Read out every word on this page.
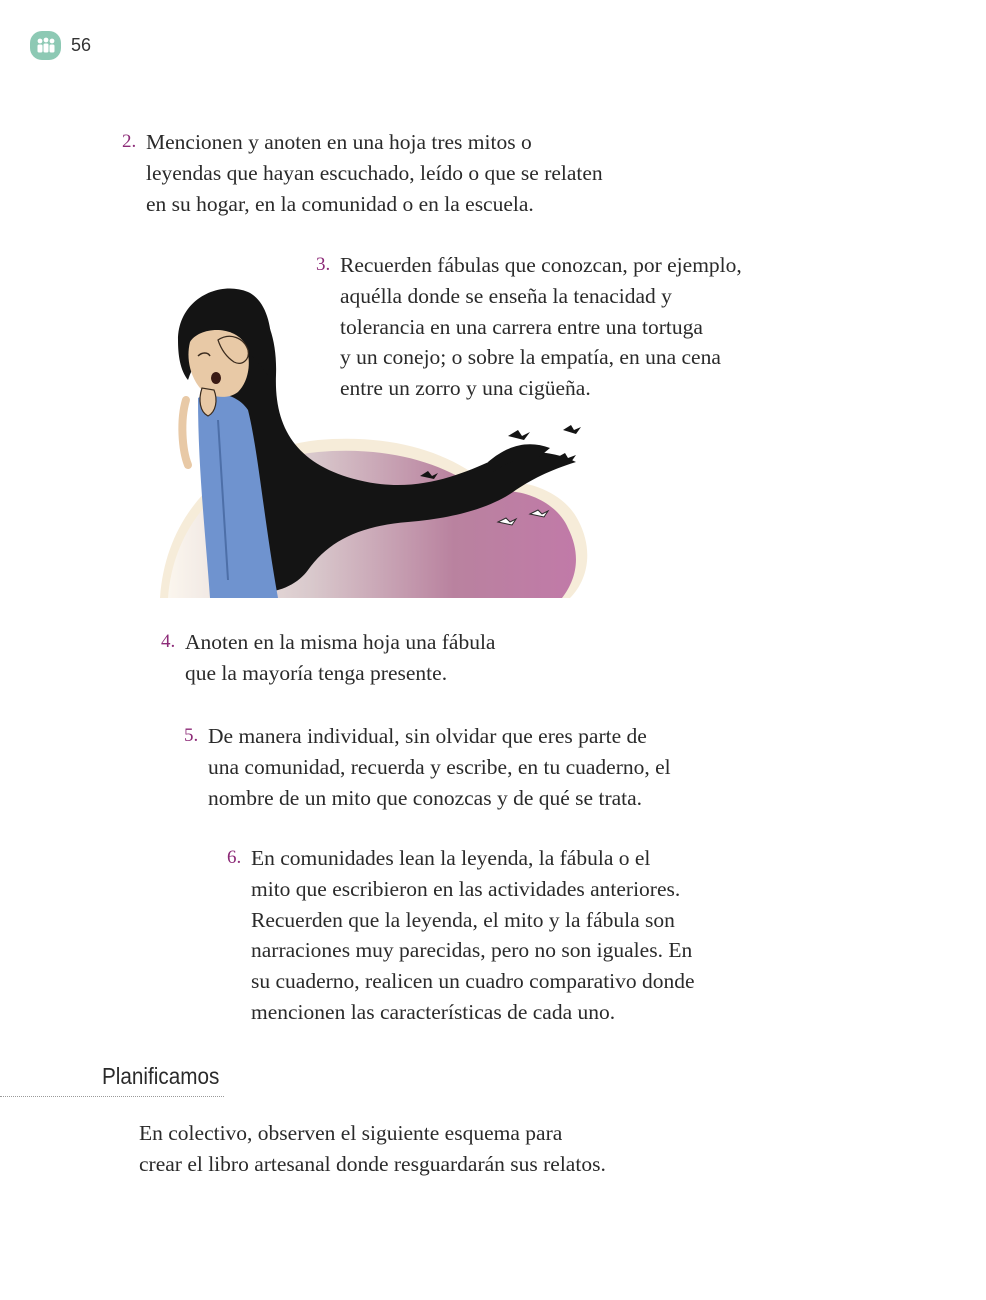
56
2. Mencionen y anoten en una hoja tres mitos o
leyendas que hayan escuchado, leído o que se relaten
en su hogar, en la comunidad o en la escuela.
3. Recuerden fábulas que conozcan, por ejemplo,
aquélla donde se enseña la tenacidad y
tolerancia en una carrera entre una tortuga
y un conejo; o sobre la empatía, en una cena
entre un zorro y una cigüeña.
4. Anoten en la misma hoja una fábula
que la mayoría tenga presente.
5. De manera individual, sin olvidar que eres parte de
una comunidad, recuerda y escribe, en tu cuaderno, el
nombre de un mito que conozcas y de qué se trata.
6. En comunidades lean la leyenda, la fábula o el
mito que escribieron en las actividades anteriores.
Recuerden que la leyenda, el mito y la fábula son
narraciones muy parecidas, pero no son iguales. En
su cuaderno, realicen un cuadro comparativo donde
mencionen las características de cada uno.
Planificamos
En colectivo, observen el siguiente esquema para
crear el libro artesanal donde resguardarán sus relatos.
